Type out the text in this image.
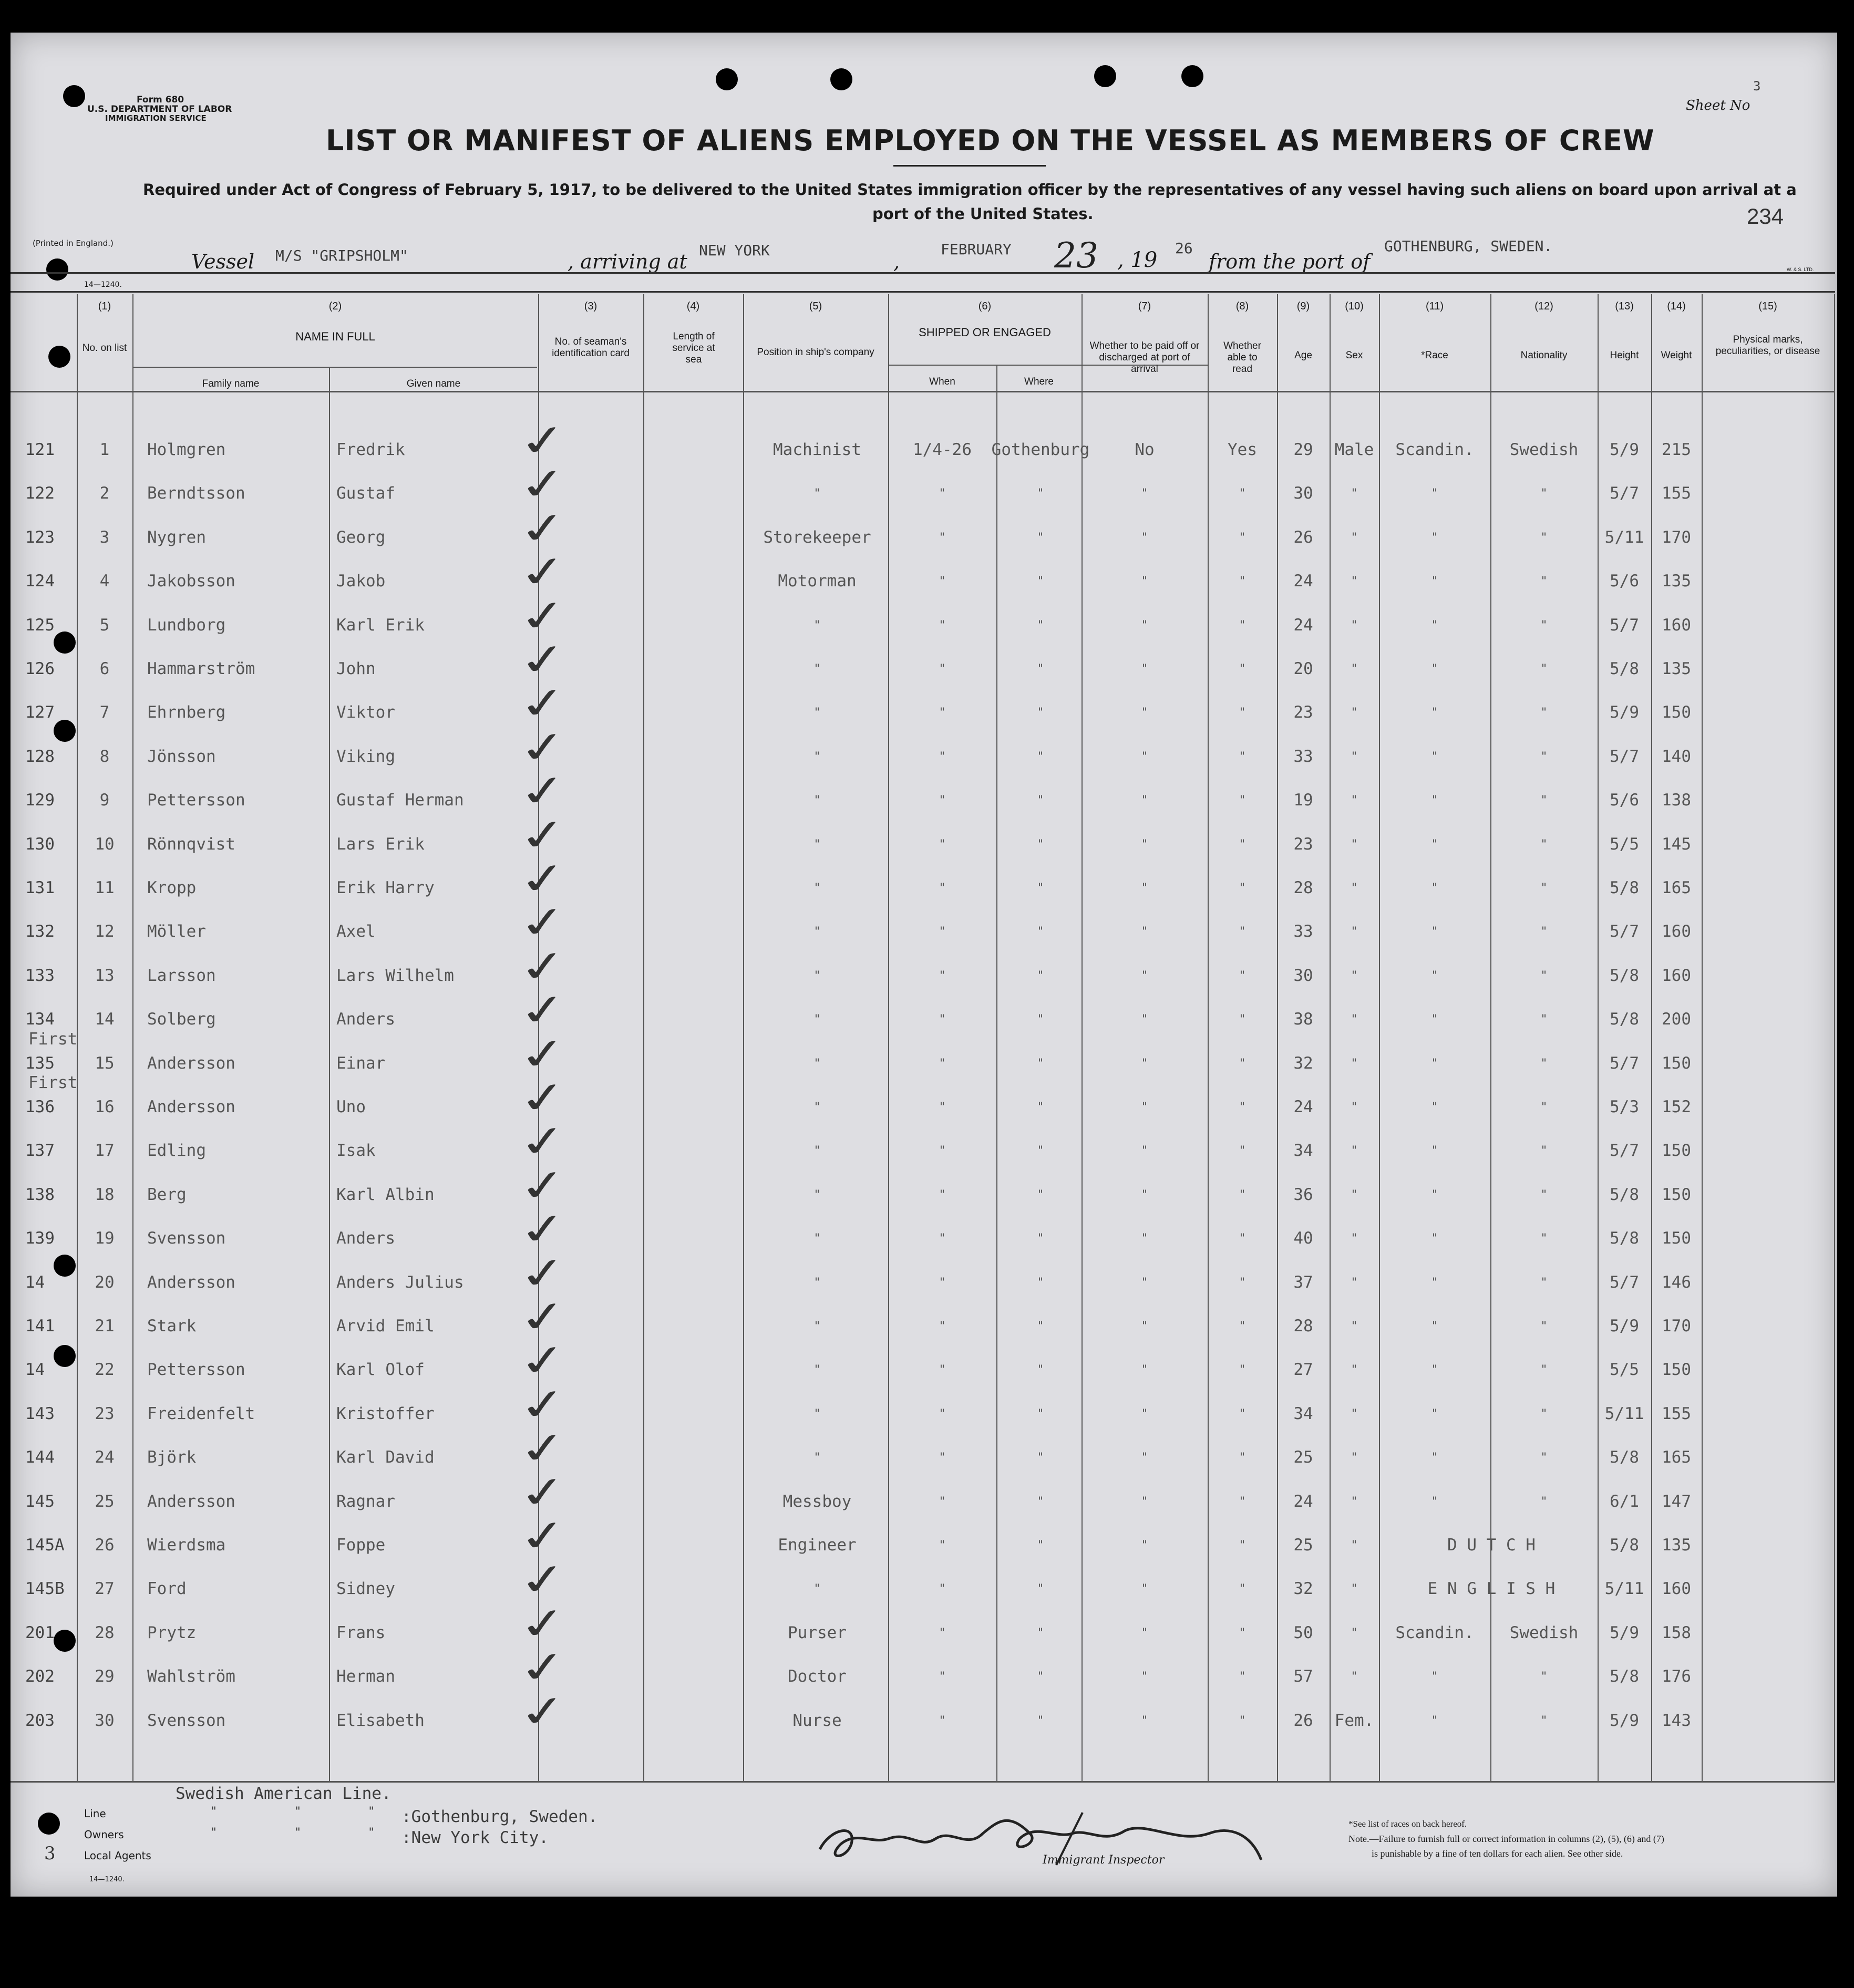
Form 680
U.S. DEPARTMENT OF LABOR
IMMIGRATION SERVICE
Sheet No
3
LIST OR MANIFEST OF ALIENS EMPLOYED ON THE VESSEL AS MEMBERS OF CREW
Required under Act of Congress of February 5, 1917, to be delivered to the United States immigration officer by the representatives of any vessel having such aliens on board upon arrival at a
port of the United States.	234
(Printed in England.)
14—1240.
Vessel M/S "GRIPSHOLM"	, arriving at NEW YORK	,
FEBRUARY 23 , 19 26
from the port of
GOTHENBURG, SWEDEN.
W. & S. LTD.
(1)	(2)	(3)	(4)	(5)	(6)	(7)	(8)	(9)	(10)	(11)	(12)	(13)	(14)	(15)
No. on list
NAME IN FULL
Family name	Given name
No. of seaman's identification card
Length of service at sea
Position in ship's company
SHIPPED OR ENGAGED
When	Where
Whether to be paid off or discharged at port of arrival
Whether able to read
Age	Sex	*Race	Nationality	Height	Weight
Physical marks, peculiarities, or disease
121	1	Holmgren	Fredrik	Machinist	1/4-26	Gothenburg	No	Yes	29	Male	Scandin.	Swedish	5/9	215
✓
122	2	Berndtsson	Gustaf	"	"	"	"	"	30	"	"	"	5/7	155
✓
123	3	Nygren	Georg	Storekeeper	"	"	"	"	26	"	"	"	5/11	170
✓
124	4	Jakobsson	Jakob	Motorman	"	"	"	"	24	"	"	"	5/6	135
✓
125	5	Lundborg	Karl Erik	"	"	"	"	"	24	"	"	"	5/7	160
✓
126	6	Hammarström	John	"	"	"	"	"	20	"	"	"	5/8	135
✓
127	7	Ehrnberg	Viktor	"	"	"	"	"	23	"	"	"	5/9	150
✓
128	8	Jönsson	Viking	"	"	"	"	"	33	"	"	"	5/7	140
✓
129	9	Pettersson	Gustaf Herman	"	"	"	"	"	19	"	"	"	5/6	138
✓
130	10	Rönnqvist	Lars Erik	"	"	"	"	"	23	"	"	"	5/5	145
✓
131	11	Kropp	Erik Harry	"	"	"	"	"	28	"	"	"	5/8	165
✓
132	12	Möller	Axel	"	"	"	"	"	33	"	"	"	5/7	160
✓
133	13	Larsson	Lars Wilhelm	"	"	"	"	"	30	"	"	"	5/8	160
✓
134	14	Solberg	Anders	"	"	"	"	"	38	"	"	"	5/8	200
✓
First
135	15	Andersson	Einar	"	"	"	"	"	32	"	"	"	5/7	150
✓
First
136	16	Andersson	Uno	"	"	"	"	"	24	"	"	"	5/3	152
✓
137	17	Edling	Isak	"	"	"	"	"	34	"	"	"	5/7	150
✓
138	18	Berg	Karl Albin	"	"	"	"	"	36	"	"	"	5/8	150
✓
139	19	Svensson	Anders	"	"	"	"	"	40	"	"	"	5/8	150
✓
14	20	Andersson	Anders Julius	"	"	"	"	"	37	"	"	"	5/7	146
✓
141	21	Stark	Arvid Emil	"	"	"	"	"	28	"	"	"	5/9	170
✓
14	22	Pettersson	Karl Olof	"	"	"	"	"	27	"	"	"	5/5	150
✓
143	23	Freidenfelt	Kristoffer	"	"	"	"	"	34	"	"	"	5/11	155
✓
144	24	Björk	Karl David	"	"	"	"	"	25	"	"	"	5/8	165
✓
145	25	Andersson	Ragnar	Messboy	"	"	"	"	24	"	"	"	6/1	147
✓
145A	26	Wierdsma	Foppe	Engineer	"	"	"	"	25	"	D U T C H	5/8	135
✓
145B	27	Ford	Sidney	"	"	"	"	"	32	"	E N G L I S H	5/11	160
✓
201	28	Prytz	Frans	Purser	"	"	"	"	50	"	Scandin.	Swedish	5/9	158
✓
202	29	Wahlström	Herman	Doctor	"	"	"	"	57	"	"	"	5/8	176
✓
203	30	Svensson	Elisabeth	Nurse	"	"	"	"	26	Fem.	"	"	5/9	143
✓
Line
Owners
Local Agents
14—1240.
3
Swedish American Line.
"	"	"
"	"	"
:Gothenburg, Sweden.
:New York City.
Immigrant Inspector
*See list of races on back hereof.
Note.—Failure to furnish full or correct information in columns (2), (5), (6) and (7)
is punishable by a fine of ten dollars for each alien. See other side.
